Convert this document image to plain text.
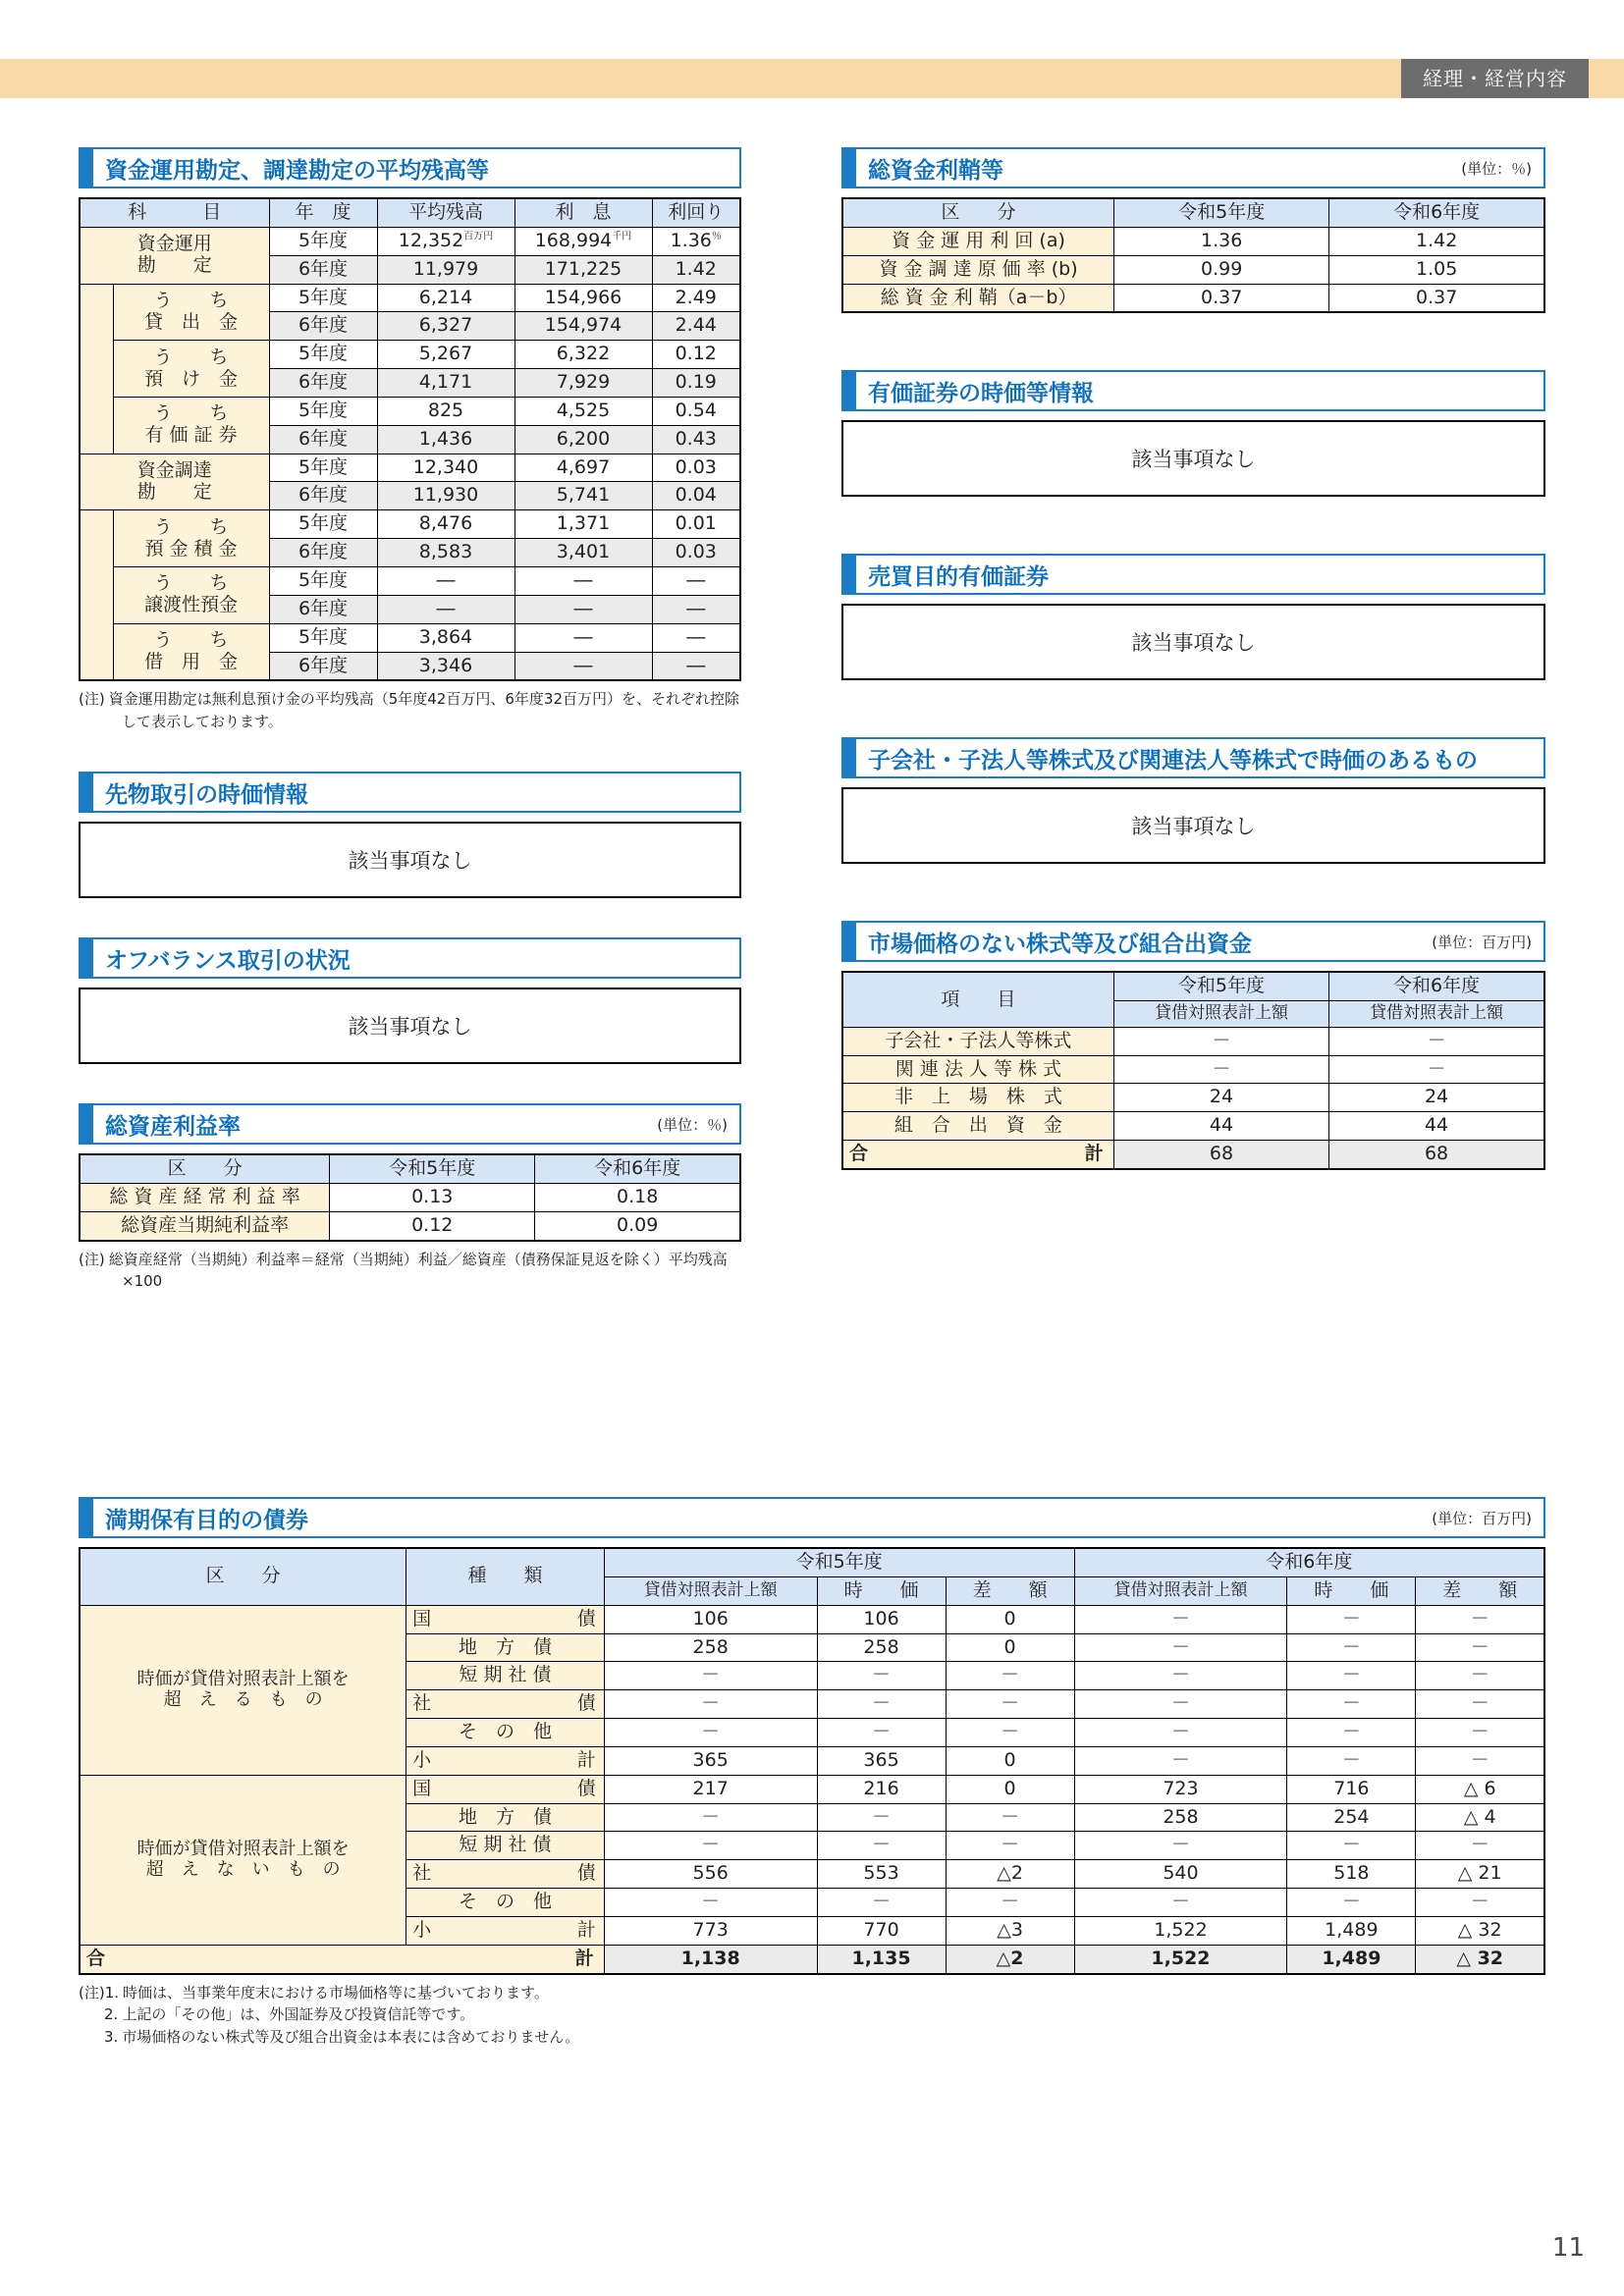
経理・経営内容
11
資金運用勘定、調達勘定の平均残高等
科　　　目		年　度	平均残高	利　息	利回り
資金運用
勘　　定		5年度	$12,352^{百万円}$	$168,994^{千円}$	1.36％
		6年度	11,979	171,225	1.42
	う　　ち
貸　出　金	5年度	6,214	154,966	2.49
		6年度	6,327	154,974	2.44
	う　　ち
預　け　金	5年度	5,267	6,322	0.12
		6年度	4,171	7,929	0.19
	う　　ち
有 価 証 券	5年度	825	4,525	0.54
		6年度	1,436	6,200	0.43
資金調達
勘　　定		5年度	12,340	4,697	0.03
		6年度	11,930	5,741	0.04
	う　　ち
預 金 積 金	5年度	8,476	1,371	0.01
		6年度	8,583	3,401	0.03
	う　　ち
譲渡性預金	5年度	―	―	―
		6年度	―	―	―
	う　　ち
借　用　金	5年度	3,864	―	―
		6年度	3,346	―	―

(注) 資金運用勘定は無利息預け金の平均残高（5年度42百万円、6年度32百万円）を、それぞれ控除して表示しております。

先物取引の時価情報
該当事項なし
オフバランス取引の状況
該当事項なし
総資産利益率	(単位：％)
区　　分	令和5年度	令和6年度
総 資 産 経 常 利 益 率	0.13	0.18
総資産当期純利益率	0.12	0.09

(注) 総資産経常（当期純）利益率＝経常（当期純）利益／総資産（債務保証見返を除く）平均残高×100

総資金利鞘等	(単位：％)
区　　分	令和5年度	令和6年度
資 金 運 用 利 回 (a)	1.36	1.42
資 金 調 達 原 価 率 (b)	0.99	1.05
総 資 金 利 鞘（a－b）	0.37	0.37
有価証券の時価等情報
該当事項なし
売買目的有価証券
該当事項なし
子会社・子法人等株式及び関連法人等株式で時価のあるもの
該当事項なし
市場価格のない株式等及び組合出資金	(単位：百万円)
項　　目	令和5年度	令和6年度
	貸借対照表計上額	貸借対照表計上額
子会社・子法人等株式	－	－
関 連 法 人 等 株 式	－	－
非　上　場　株　式	24	24
組　合　出　資　金	44	44
合 計	68	68
満期保有目的の債券	(単位：百万円)
区　　分	種　　類	令和5年度			令和6年度		
		貸借対照表計上額	時　　価	差　　額	貸借対照表計上額	時　　価	差　　額
時価が貸借対照表計上額を
超　え　る　も　の	国 債	106	106	0	－	－	－
	地　方　債	258	258	0	－	－	－
	短 期 社 債	－	－	－	－	－	－
	社 債	－	－	－	－	－	－
	そ　の　他	－	－	－	－	－	－
	小 計	365	365	0	－	－	－
時価が貸借対照表計上額を
超　え　な　い　も　の	国 債	217	216	0	723	716	△ 6
	地　方　債	－	－	－	258	254	△ 4
	短 期 社 債	－	－	－	－	－	－
	社 債	556	553	△2	540	518	△ 21
	そ　の　他	－	－	－	－	－	－
	小 計	773	770	△3	1,522	1,489	△ 32
合 計		1,138	1,135	△2	1,522	1,489	△ 32

(注)1. 時価は、当事業年度末における市場価格等に基づいております。

2. 上記の「その他」は、外国証券及び投資信託等です。

3. 市場価格のない株式等及び組合出資金は本表には含めておりません。
